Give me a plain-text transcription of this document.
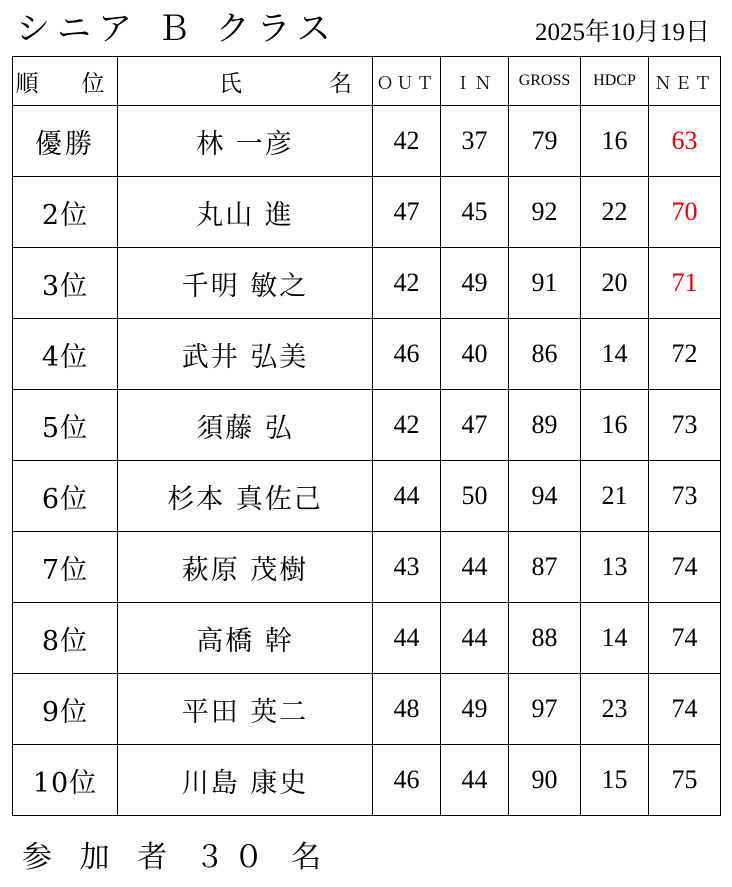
シニア Ｂ クラス	2025年10月19日
順　位	氏 名	ＯＵＴ	ＩＮ	GROSS	HDCP	ＮＥＴ
優勝	林 一彦	42	37	79	16	63
2位	丸山 進	47	45	92	22	70
3位	千明 敏之	42	49	91	20	71
4位	武井 弘美	46	40	86	14	72
5位	須藤 弘	42	47	89	16	73
6位	杉本 真佐己	44	50	94	21	73
7位	萩原 茂樹	43	44	87	13	74
8位	高橋 幹	44	44	88	14	74
9位	平田 英二	48	49	97	23	74
10位	川島 康史	46	44	90	15	75
参 加 者 ３０ 名
